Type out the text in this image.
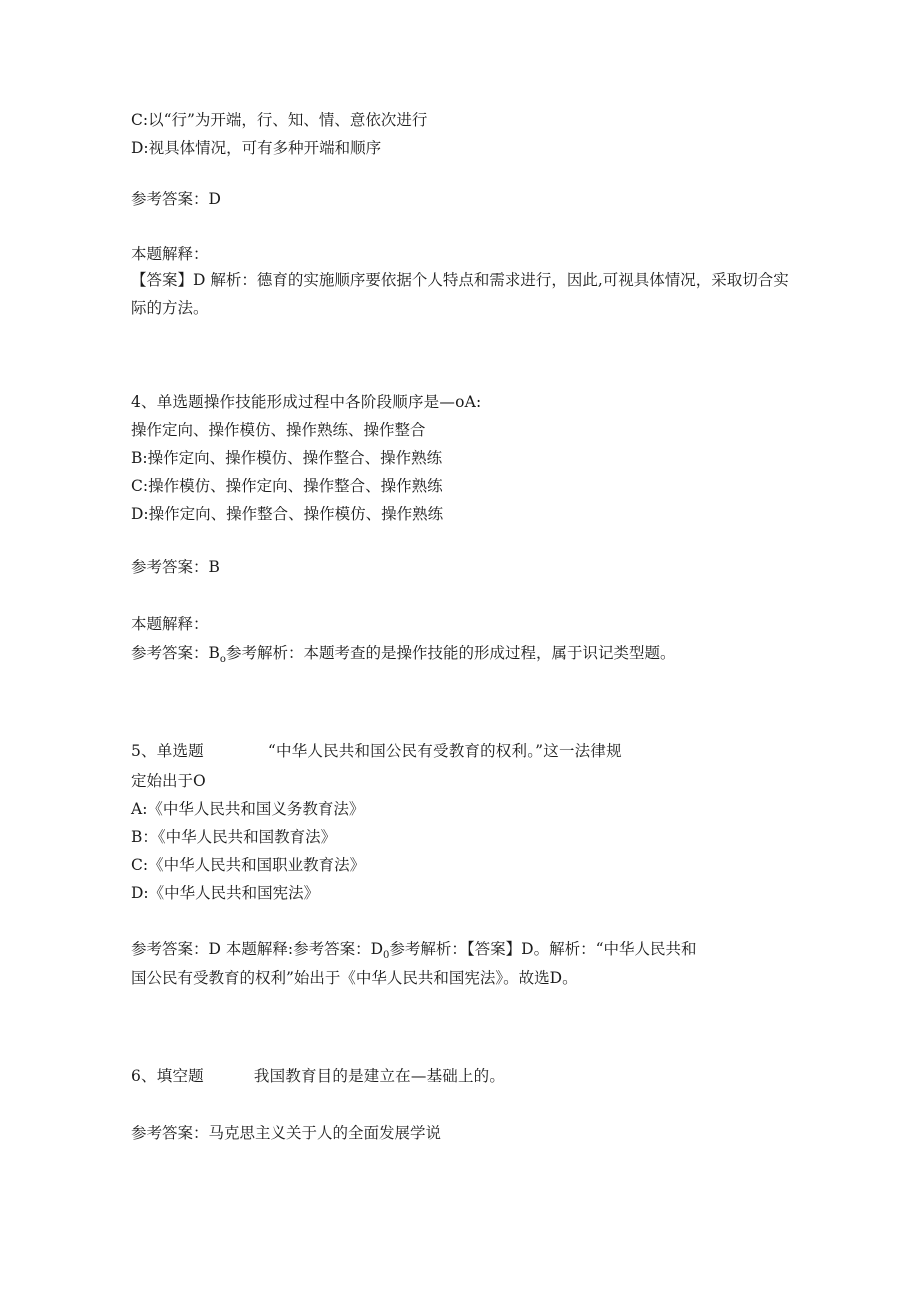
C:以“行”为开端，行、知、情、意依次进行
D:视具体情况，可有多种开端和顺序
参考答案：D
本题解释：
【答案】D 解析：德育的实施顺序要依据个人特点和需求进行，因此,可视具体情况，采取切合实际的方法。
4、单选题操作技能形成过程中各阶段顺序是—oA:
操作定向、操作模仿、操作熟练、操作整合
B:操作定向、操作模仿、操作整合、操作熟练
C:操作模仿、操作定向、操作整合、操作熟练
D:操作定向、操作整合、操作模仿、操作熟练
参考答案：B
本题解释：
参考答案：$B_o$参考解析：本题考查的是操作技能的形成过程，属于识记类型题。
5、单选题	“中华人民共和国公民有受教育的权利。”这一法律规
定始出于O
A:《中华人民共和国义务教育法》
B：《中华人民共和国教育法》
C:《中华人民共和国职业教育法》
D:《中华人民共和国宪法》
参考答案：D 本题解释:参考答案：$D_0$参考解析：【答案】D。解析：“中华人民共和
国公民有受教育的权利”始出于《中华人民共和国宪法》。故选D。
6、填空题	我国教育目的是建立在—基础上的。
参考答案：马克思主义关于人的全面发展学说
